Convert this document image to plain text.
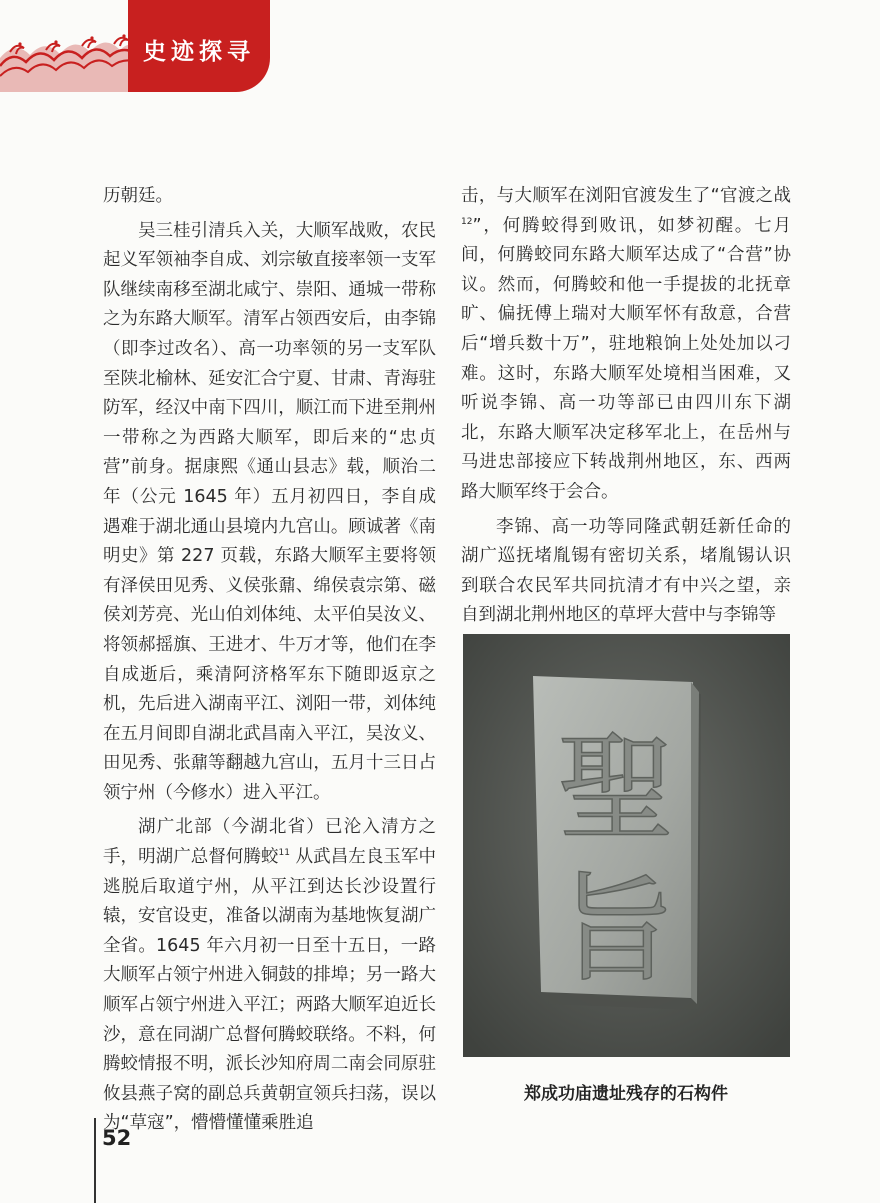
史迹探寻

历朝廷。

吴三桂引清兵入关，大顺军战败，农民起义军领袖李自成、刘宗敏直接率领一支军队继续南移至湖北咸宁、崇阳、通城一带称之为东路大顺军。清军占领西安后，由李锦（即李过改名）、高一功率领的另一支军队至陕北榆林、延安汇合宁夏、甘肃、青海驻防军，经汉中南下四川，顺江而下进至荆州一带称之为西路大顺军，即后来的“忠贞营”前身。据康熙《通山县志》载，顺治二年（公元 1645 年）五月初四日，李自成遇难于湖北通山县境内九宫山。顾诚著《南明史》第 227 页载，东路大顺军主要将领有泽侯田见秀、义侯张鼐、绵侯袁宗第、磁侯刘芳亮、光山伯刘体纯、太平伯吴汝义、将领郝摇旗、王进才、牛万才等，他们在李自成逝后，乘清阿济格军东下随即返京之机，先后进入湖南平江、浏阳一带，刘体纯在五月间即自湖北武昌南入平江，吴汝义、田见秀、张鼐等翻越九宫山，五月十三日占领宁州（今修水）进入平江。

湖广北部（今湖北省）已沦入清方之手，明湖广总督何腾蛟$^{11}$ 从武昌左良玉军中逃脱后取道宁州，从平江到达长沙设置行辕，安官设吏，准备以湖南为基地恢复湖广全省。1645 年六月初一日至十五日，一路大顺军占领宁州进入铜鼓的排埠；另一路大顺军占领宁州进入平江；两路大顺军迫近长沙，意在同湖广总督何腾蛟联络。不料，何腾蛟情报不明，派长沙知府周二南会同原驻攸县燕子窝的副总兵黄朝宣领兵扫荡，误以为“草寇”，懵懵懂懂乘胜追

击，与大顺军在浏阳官渡发生了“官渡之战$^{12}$”，何腾蛟得到败讯，如梦初醒。七月间，何腾蛟同东路大顺军达成了“合营”协议。然而，何腾蛟和他一手提拔的北抚章旷、偏抚傅上瑞对大顺军怀有敌意，合营后“增兵数十万”，驻地粮饷上处处加以刁难。这时，东路大顺军处境相当困难，又听说李锦、高一功等部已由四川东下湖北，东路大顺军决定移军北上，在岳州与马进忠部接应下转战荆州地区，东、西两路大顺军终于会合。

李锦、高一功等同隆武朝廷新任命的湖广巡抚堵胤锡有密切关系，堵胤锡认识到联合农民军共同抗清才有中兴之望，亲自到湖北荆州地区的草坪大营中与李锦等

聖旨
郑成功庙遗址残存的石构件
52
